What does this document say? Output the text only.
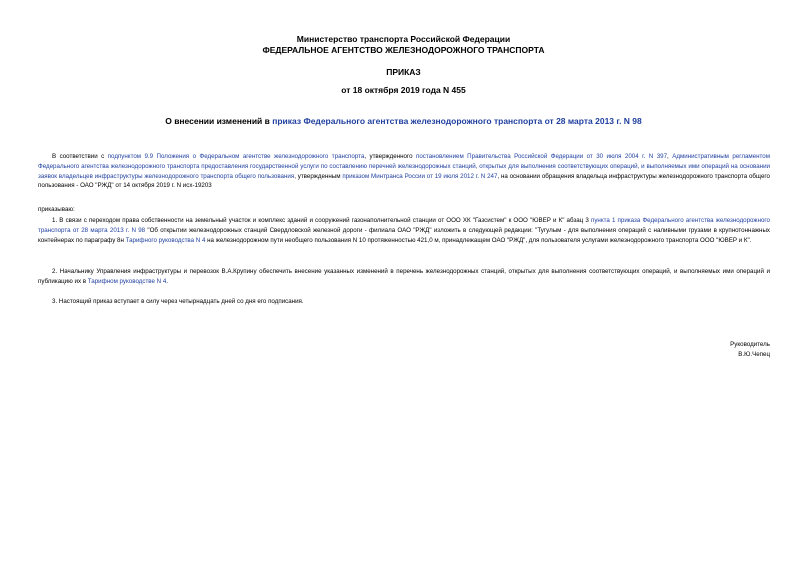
Министерство транспорта Российской Федерации
ФЕДЕРАЛЬНОЕ АГЕНТСТВО ЖЕЛЕЗНОДОРОЖНОГО ТРАНСПОРТА
ПРИКАЗ
от 18 октября 2019 года N 455
О внесении изменений в приказ Федерального агентства железнодорожного транспорта от 28 марта 2013 г. N 98

В соответствии с подпунктом 9.9 Положения о Федеральном агентстве железнодорожного транспорта, утвержденного постановлением Правительства Российской Федерации от 30 июля 2004 г. N 397, Административным регламентом Федерального агентства железнодорожного транспорта предоставления государственной услуги по составлению перечней железнодорожных станций, открытых для выполнения соответствующих операций, и выполняемых ими операций на основании заявок владельцев инфраструктуры железнодорожного транспорта общего пользования, утвержденным приказом Минтранса России от 19 июля 2012 г. N 247, на основании обращения владельца инфраструктуры железнодорожного транспорта общего пользования - ОАО "РЖД" от 14 октября 2019 г. N исх-19203

приказываю:

1. В связи с переходом права собственности на земельный участок и комплекс зданий и сооружений газонаполнительной станции от ООО ХК "Газсистем" к ООО "ЮВЕР и К" абзац 3 пункта 1 приказа Федерального агентства железнодорожного транспорта от 28 марта 2013 г. N 98 "Об открытии железнодорожных станций Свердловской железной дороги - филиала ОАО "РЖД" изложить в следующей редакции: "Тугулым - для выполнения операций с наливными грузами в крупнотоннажных контейнерах по параграфу 8н Тарифного руководства N 4 на железнодорожном пути необщего пользования N 10 протяженностью 421,0 м, принадлежащем ОАО "РЖД", для пользователя услугами железнодорожного транспорта ООО "ЮВЕР и К".

2. Начальнику Управления инфраструктуры и перевозок В.А.Крупину обеспечить внесение указанных изменений в перечень железнодорожных станций, открытых для выполнения соответствующих операций, и выполняемых ими операций и публикацию их в Тарифном руководстве N 4.

3. Настоящий приказ вступает в силу через четырнадцать дней со дня его подписания.

Руководитель
В.Ю.Чепец
